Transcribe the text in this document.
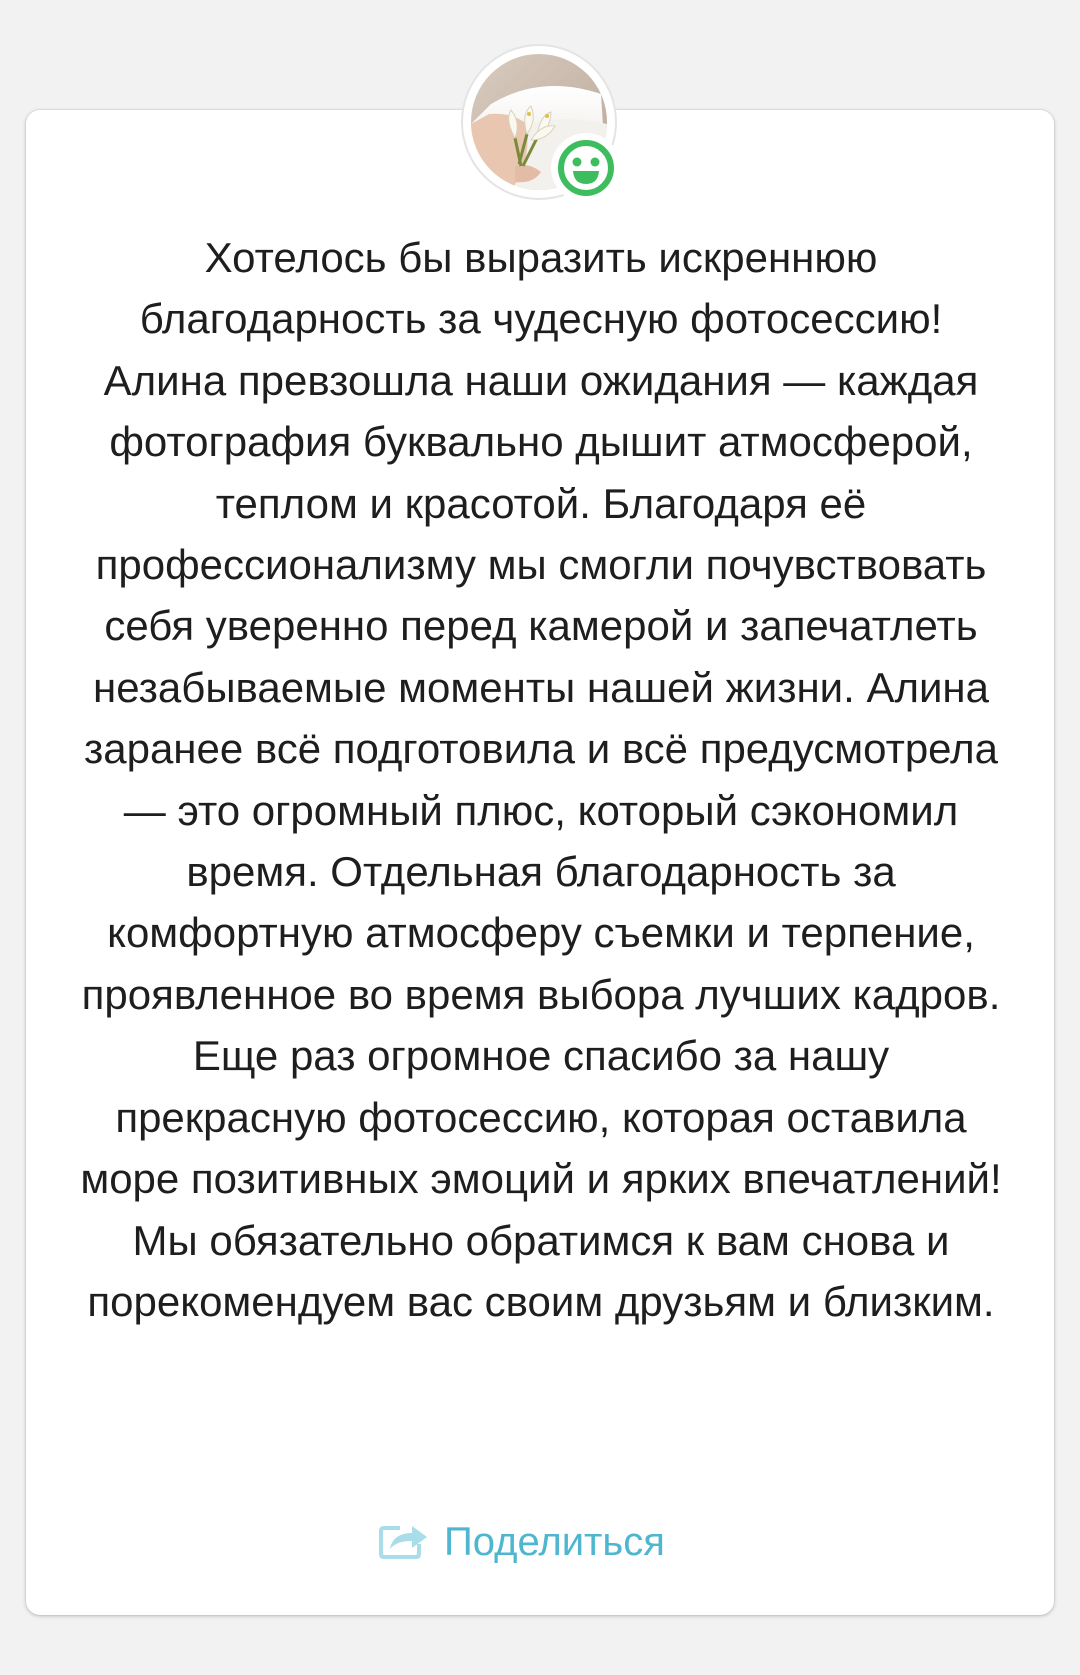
Хотелось бы выразить искреннюю благодарность за чудесную фотосессию! Алина превзошла наши ожидания — каждая фотография буквально дышит атмосферой, теплом и красотой. Благодаря её профессионализму мы смогли почувствовать себя уверенно перед камерой и запечатлеть незабываемые моменты нашей жизни. Алина заранее всё подготовила и всё предусмотрела — это огромный плюс, который сэкономил время. Отдельная благодарность за комфортную атмосферу съемки и терпение, проявленное во время выбора лучших кадров. Еще раз огромное спасибо за нашу прекрасную фотосессию, которая оставила море позитивных эмоций и ярких впечатлений! Мы обязательно обратимся к вам снова и порекомендуем вас своим друзьям и близким.

Поделиться
